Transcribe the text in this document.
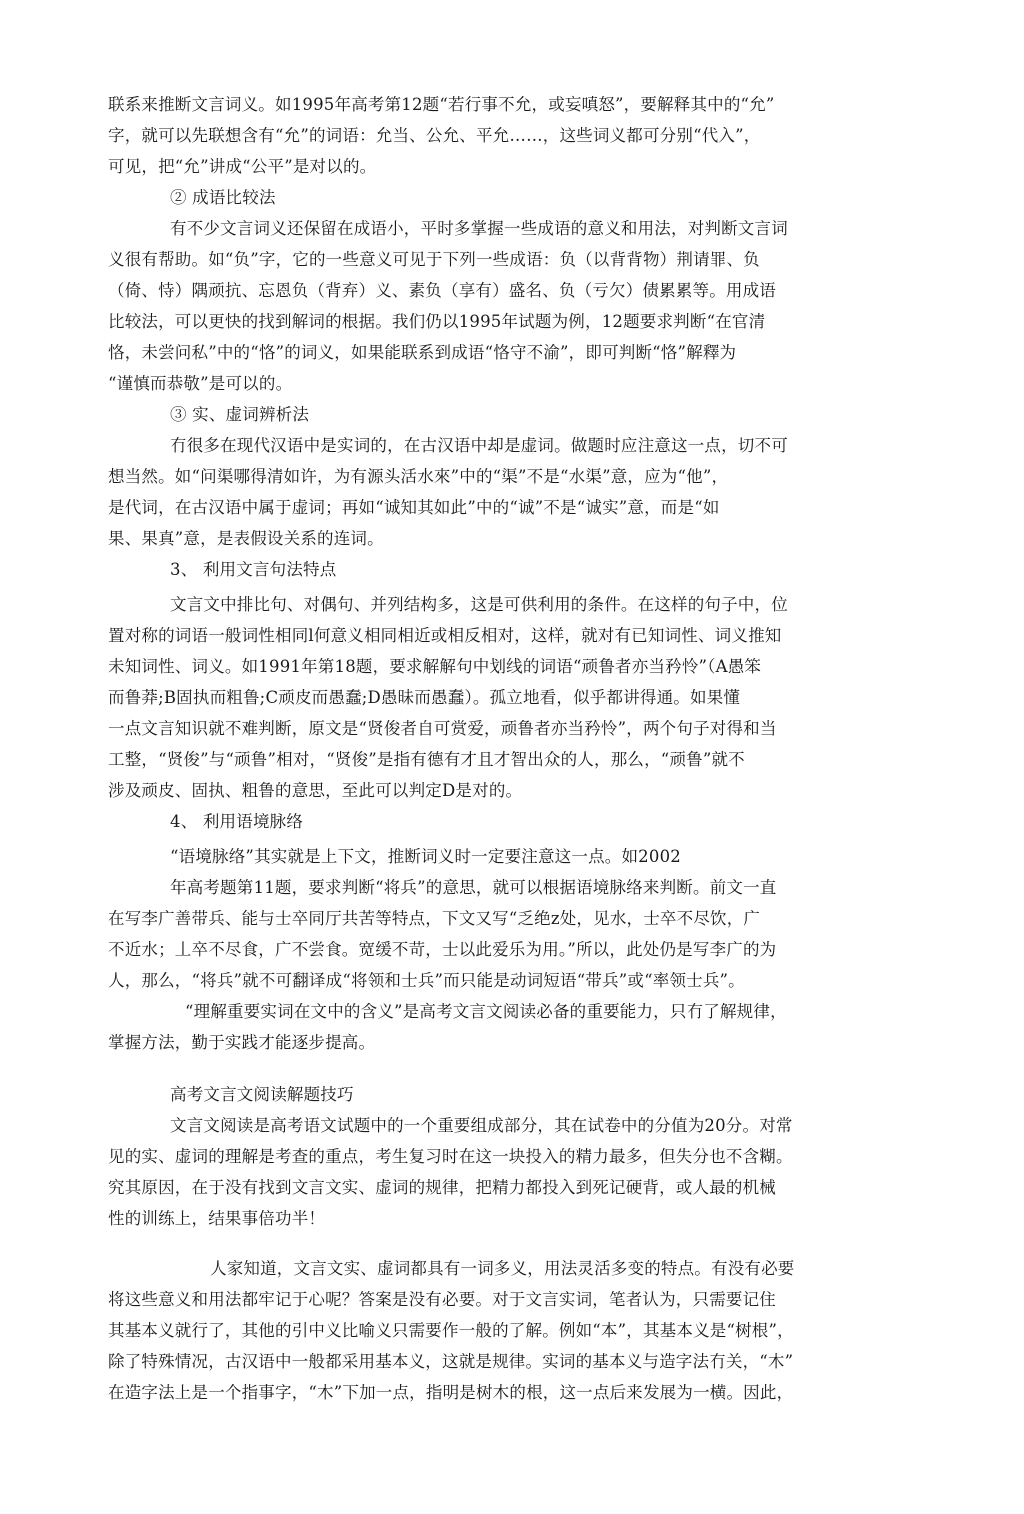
联系来推断文言词义。如1995年高考第12题“若行事不允，或妄嗔怒”，要解释其中的“允”
字，就可以先联想含有“允”的词语：允当、公允、平允……，这些词义都可分别“代入”，
可见，把“允”讲成“公平”是对以的。
② 成语比较法
有不少文言词义还保留在成语小，平时多掌握一些成语的意义和用法，对判断文言词
义很有帮助。如“负”字，它的一些意义可见于下列一些成语：负（以背背物）荆请罪、负
（倚、恃）隅顽抗、忘恩负（背弃）义、素负（享有）盛名、负（亏欠）债累累等。用成语
比较法，可以更快的找到解词的根据。我们仍以1995年试题为例，12题要求判断“在官清
恪，未尝问私”中的“恪”的词义，如果能联系到成语“恪守不渝”，即可判断“恪”解釋为
“谨慎而恭敬”是可以的。
③ 实、虚词辨析法
冇很多在现代汉语中是实词的，在古汉语中却是虚词。做题时应注意这一点，切不可
想当然。如“问渠哪得清如许，为有源头活水來”中的“渠”不是“水渠”意，应为“他”，
是代词，在古汉语中属于虚词；再如“诚知其如此”中的“诚”不是“诚实”意，而是“如
果、果真”意，是表假设关系的连词。
3、 利用文言句法特点
文言文中排比句、对偶句、并列结构多，这是可供利用的条件。在这样的句子中，位
置对称的词语一般词性相同l何意义相同相近或相反相对，这样，就对有已知词性、词义推知
未知词性、词义。如1991年第18题，要求解解句中划线的词语“顽鲁者亦当矜怜”（A愚笨
而鲁莽;B固执而粗鲁;C顽皮而愚蠢;D愚昧而愚蠢）。孤立地看，似乎都讲得通。如果懂
一点文言知识就不难判断，原文是“贤俊者自可赏爱，顽鲁者亦当矜怜”，两个句子对得和当
工整，“贤俊”与“顽鲁”相对，“贤俊”是指有德有才且才智出众的人，那么，“顽鲁”就不
涉及顽皮、固执、粗鲁的意思，至此可以判定D是对的。
4、 利用语境脉络
“语境脉络”其实就是上下文，推断词义时一定要注意这一点。如2002
年高考题第11题，要求判断“将兵”的意思，就可以根据语境脉络来判断。前文一直
在写李广善带兵、能与士卒同厅共苦等特点，下文又写“乏绝z处，见水，士卒不尽饮，广
不近水；丄卒不尽食，广不尝食。宽缓不苛，士以此爱乐为用。”所以，此处仍是写李广的为
人，那么，“将兵”就不可翻译成“将领和士兵”而只能是动词短语“带兵”或“率领士兵”。
“理解重要实词在文中的含义”是高考文言文阅读必备的重要能力，只冇了解规律，
掌握方法，勤于实践才能逐步提高。
高考文言文阅读解题技巧
文言文阅读是高考语文试题中的一个重要组成部分，其在试卷中的分值为20分。对常
见的实、虚词的理解是考查的重点，考生复习时在这一块投入的精力最多，但失分也不含糊。
究其原因，在于没有找到文言文实、虚词的规律，把精力都投入到死记硬背，或人最的机械
性的训练上，结果事倍功半！
人家知道，文言文实、虚词都具有一词多义，用法灵活多变的特点。有没有必要
将这些意义和用法都牢记于心呢？答案是没有必要。对于文言实词，笔者认为，只需要记住
其基本义就行了，其他的引中义比喻义只需要作一般的了解。例如“本”，其基本义是“树根”，
除了特殊情况，古汉语中一般都采用基本义，这就是规律。实词的基本义与造字法冇关，“木”
在造字法上是一个指事字，“木”下加一点，指明是树木的根，这一点后来发展为一横。因此，
